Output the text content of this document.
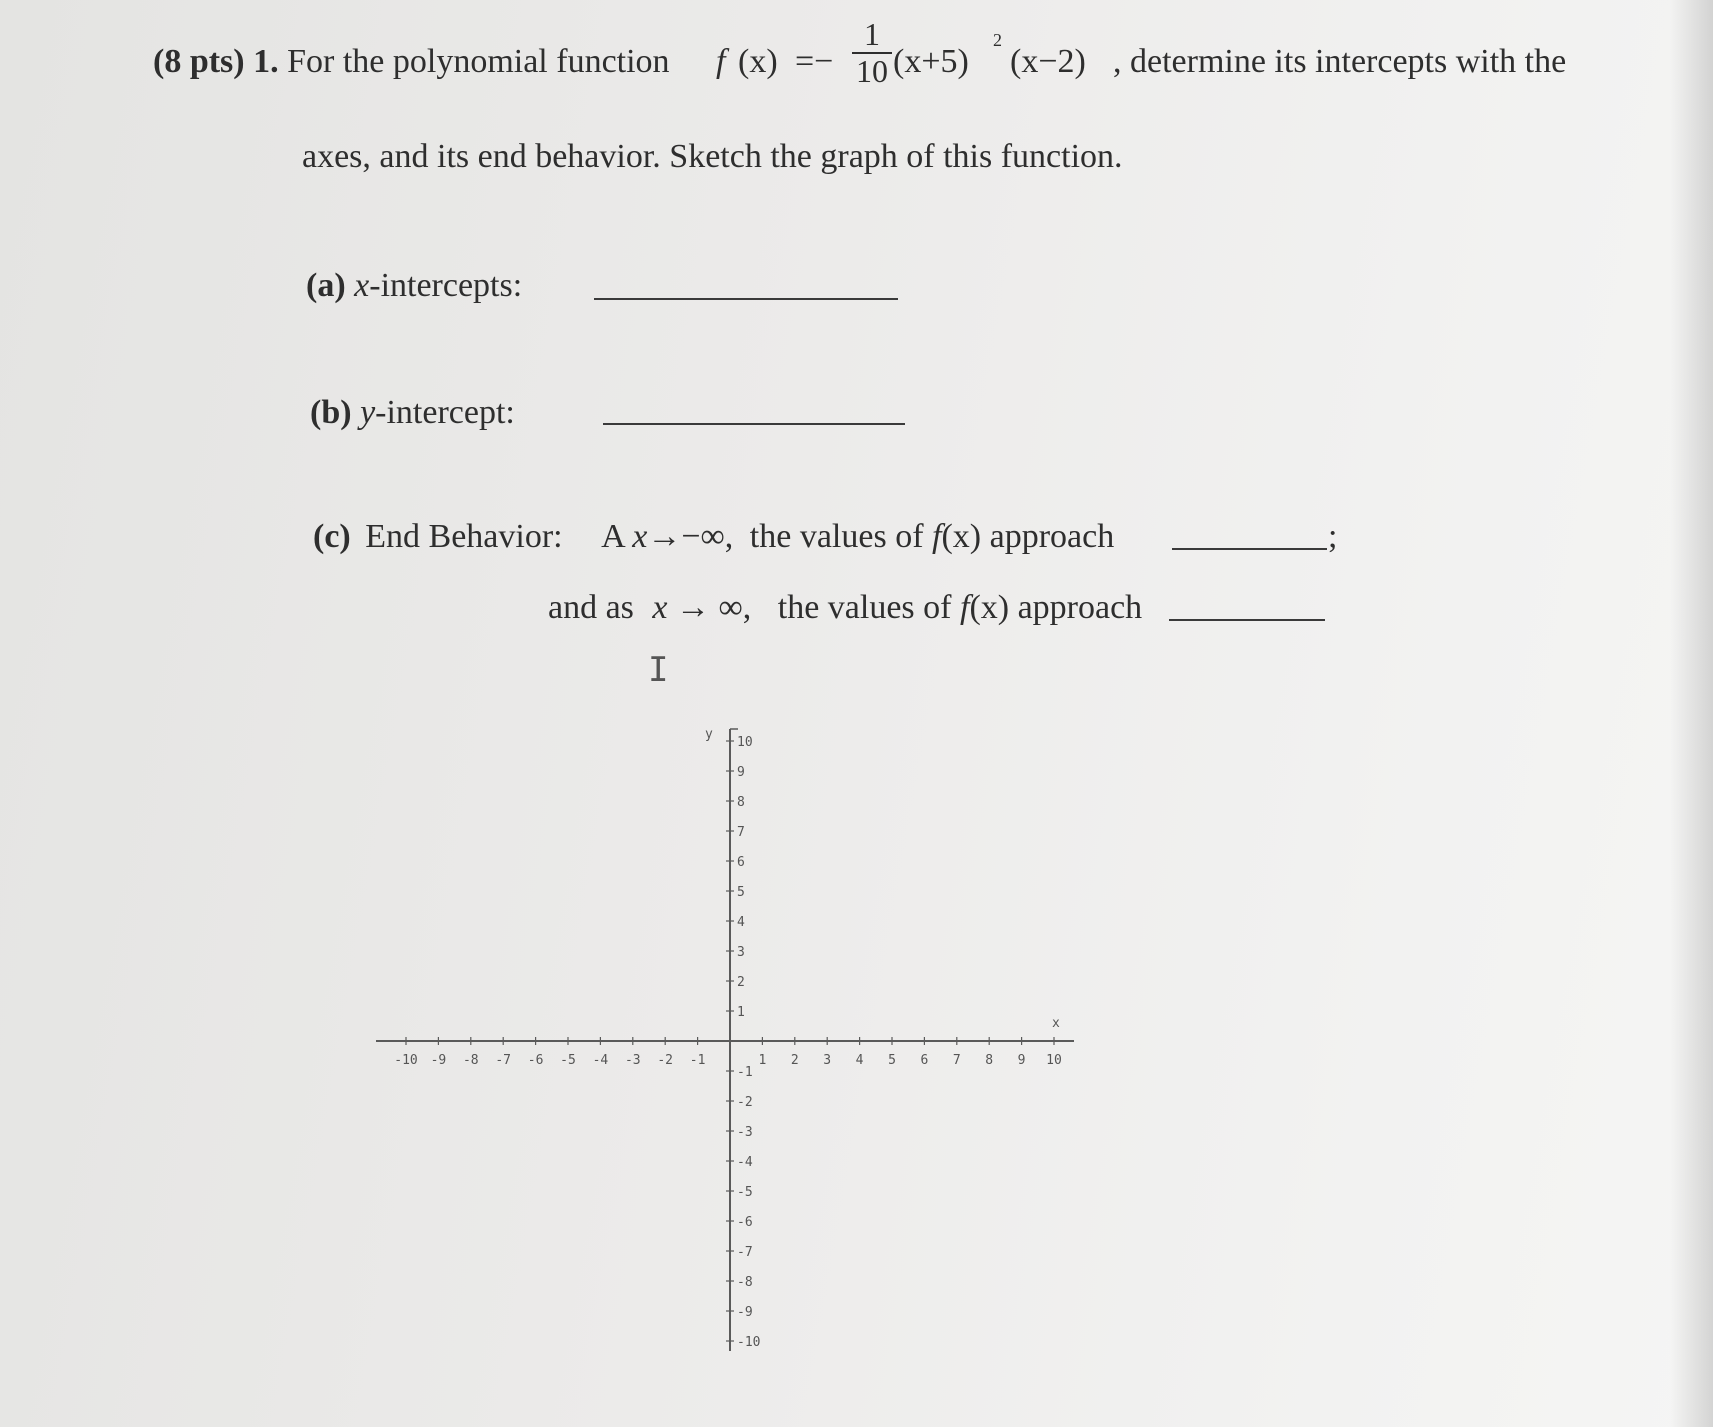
(8 pts) 1. For the polynomial function f (x) =−
1
10 (x+5)
2
(x−2) , determine its intercepts with the
axes, and its end behavior. Sketch the graph of this function.
(a) x-intercepts:
(b) y-intercept:
(c) End Behavior: A x→−∞, the values of f(x) approach	;
and as x → ∞, the values of f(x) approach
I
x
y
-10 -9 -8 -7 -6 -5 -4 -3 -2 -1	1 2 3 4 5 6 7 8 9 10
10
9
8
7
6
5
4
3
2
1
-1
-2
-3
-4
-5
-6
-7
-8
-9
-10
